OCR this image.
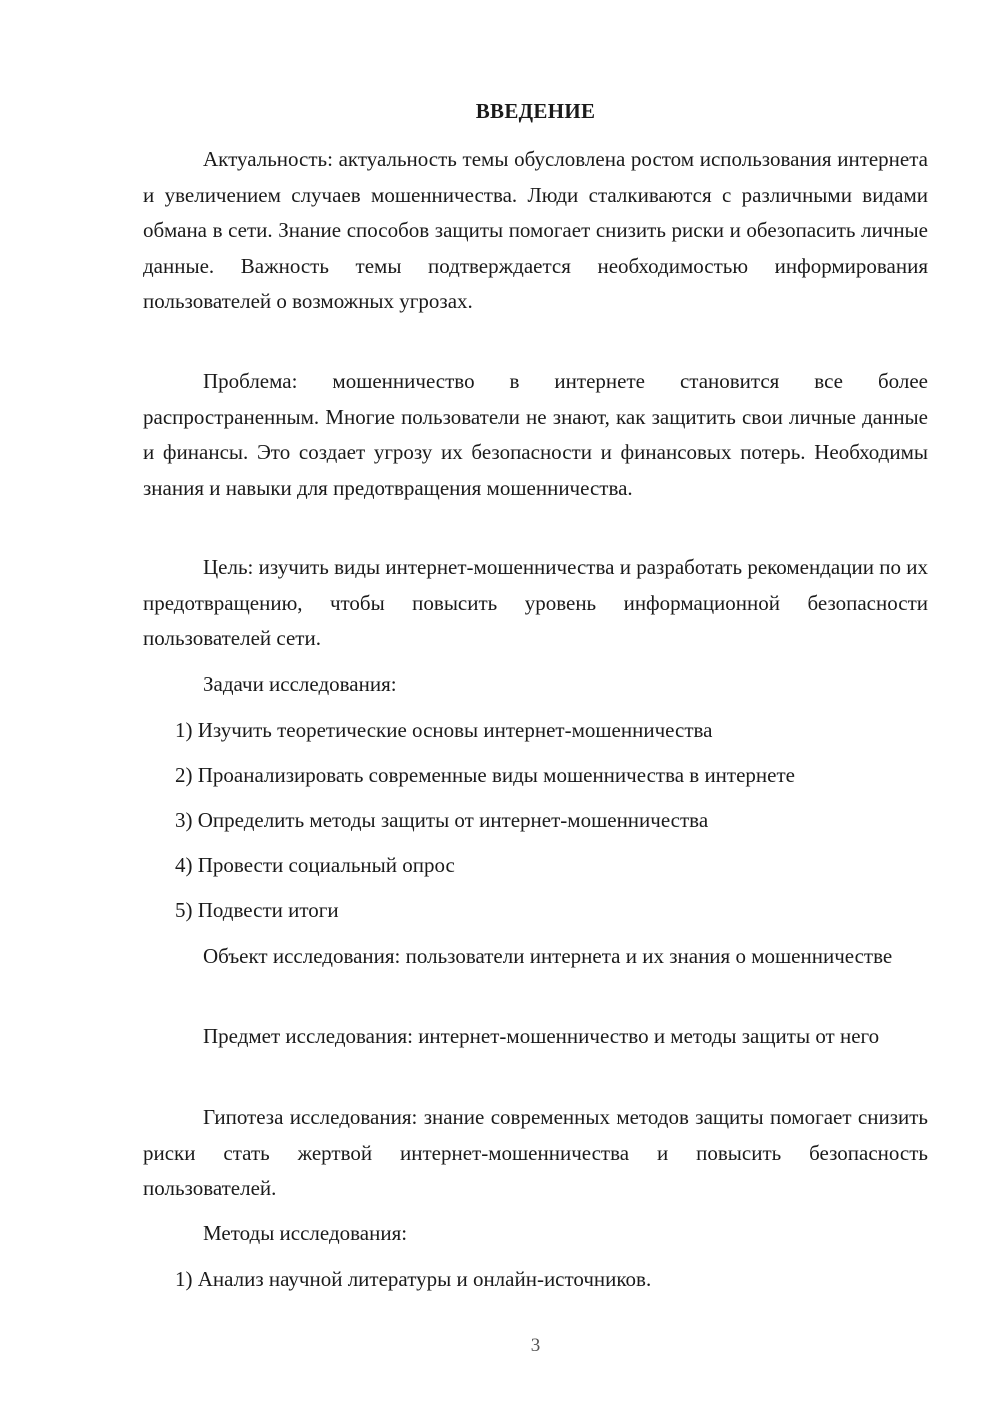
ВВЕДЕНИЕ

Актуальность: актуальность темы обусловлена ростом использования интернета и увеличением случаев мошенничества. Люди сталкиваются с различными видами обмана в сети. Знание способов защиты помогает снизить риски и обезопасить личные данные. Важность темы подтверждается необходимостью информирования пользователей о возможных угрозах.

Проблема: мошенничество в интернете становится все более распространенным. Многие пользователи не знают, как защитить свои личные данные и финансы. Это создает угрозу их безопасности и финансовых потерь. Необходимы знания и навыки для предотвращения мошенничества.

Цель: изучить виды интернет-мошенничества и разработать рекомендации по их предотвращению, чтобы повысить уровень информационной безопасности пользователей сети.

Задачи исследования:
1) Изучить теоретические основы интернет-мошенничества
2) Проанализировать современные виды мошенничества в интернете
3) Определить методы защиты от интернет-мошенничества
4) Провести социальный опрос
5) Подвести итоги

Объект исследования: пользователи интернета и их знания о мошенничестве

Предмет исследования: интернет-мошенничество и методы защиты от него

Гипотеза исследования: знание современных методов защиты помогает снизить риски стать жертвой интернет-мошенничества и повысить безопасность пользователей.

Методы исследования:
1) Анализ научной литературы и онлайн-источников.
3
